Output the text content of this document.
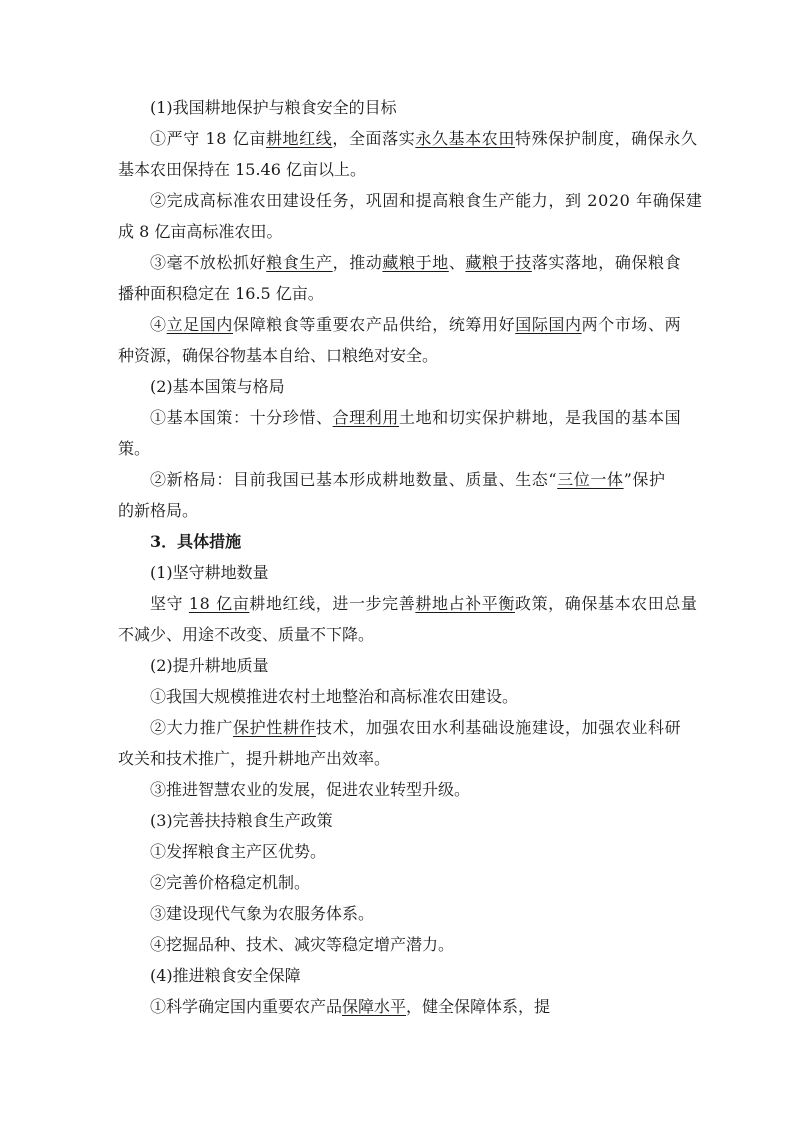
(1)我国耕地保护与粮食安全的目标
①严守 18 亿亩耕地红线，全面落实永久基本农田特殊保护制度，确保永久
基本农田保持在 15.46 亿亩以上。
②完成高标准农田建设任务，巩固和提高粮食生产能力，到 2020 年确保建
成 8 亿亩高标准农田。
③毫不放松抓好粮食生产，推动藏粮于地、藏粮于技落实落地，确保粮食
播种面积稳定在 16.5 亿亩。
④立足国内保障粮食等重要农产品供给，统筹用好国际国内两个市场、两
种资源，确保谷物基本自给、口粮绝对安全。
(2)基本国策与格局
①基本国策：十分珍惜、合理利用土地和切实保护耕地，是我国的基本国
策。
②新格局：目前我国已基本形成耕地数量、质量、生态“三位一体”保护
的新格局。
3．具体措施
(1)坚守耕地数量
坚守 18 亿亩耕地红线，进一步完善耕地占补平衡政策，确保基本农田总量
不减少、用途不改变、质量不下降。
(2)提升耕地质量
①我国大规模推进农村土地整治和高标准农田建设。
②大力推广保护性耕作技术，加强农田水利基础设施建设，加强农业科研
攻关和技术推广，提升耕地产出效率。
③推进智慧农业的发展，促进农业转型升级。
(3)完善扶持粮食生产政策
①发挥粮食主产区优势。
②完善价格稳定机制。
③建设现代气象为农服务体系。
④挖掘品种、技术、减灾等稳定增产潜力。
(4)推进粮食安全保障
①科学确定国内重要农产品保障水平，健全保障体系，提
